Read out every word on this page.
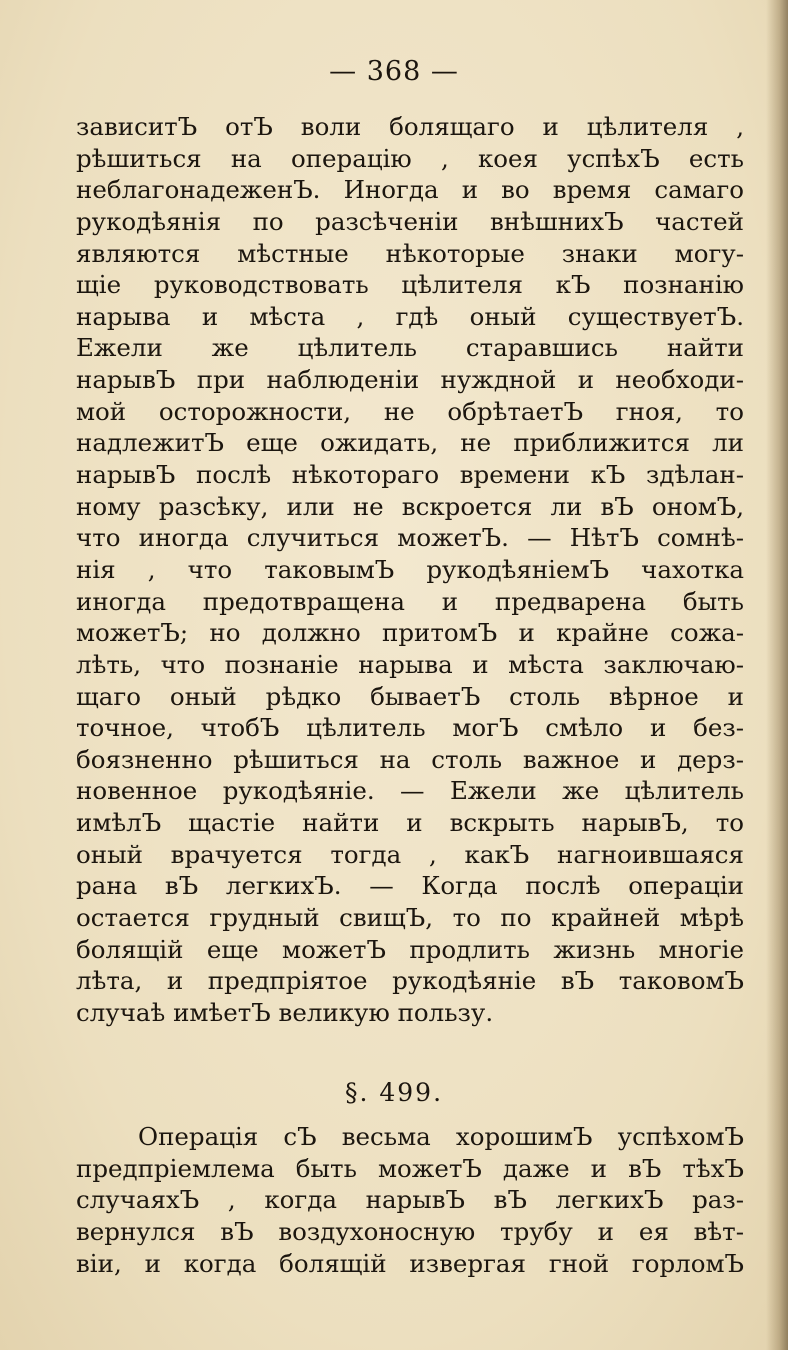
— 368 —
зависитЪ отЪ воли болящаго и цѣлителя ,
рѣшиться на операцію , коея успѣхЪ есть
неблагонадеженЪ. Иногда и во время самаго
рукодѣянія по разсѣченіи внѣшнихЪ частей
являются мѣстные нѣкоторые знаки могу-
щіе руководствовать цѣлителя кЪ познанію
нарыва и мѣста , гдѣ оный существуетЪ.
Ежели же цѣлитель старавшись найти
нарывЪ при наблюденіи нуждной и необходи-
мой осторожности, не обрѣтаетЪ гноя, то
надлежитЪ еще ожидать, не приближится ли
нарывЪ послѣ нѣкотораго времени кЪ здѣлан-
ному разсѣку, или не вскроется ли вЪ ономЪ,
что иногда случиться можетЪ. — НѣтЪ сомнѣ-
нія , что таковымЪ рукодѣяніемЪ чахотка
иногда предотвращена и предварена быть
можетЪ; но должно притомЪ и крайне сожа-
лѣть, что познаніе нарыва и мѣста заключаю-
щаго оный рѣдко бываетЪ столь вѣрное и
точное, чтобЪ цѣлитель могЪ смѣло и без-
боязненно рѣшиться на столь важное и дерз-
новенное рукодѣяніе. — Ежели же цѣлитель
имѣлЪ щастіе найти и вскрыть нарывЪ, то
оный врачуется тогда , какЪ нагноившаяся
рана вЪ легкихЪ. — Когда послѣ операціи
остается грудный свищЪ, то по крайней мѣрѣ
болящій еще можетЪ продлить жизнь многіе
лѣта, и предпріятое рукодѣяніе вЪ таковомЪ
случаѣ имѣетЪ великую пользу.
§. 499.
Операція сЪ весьма хорошимЪ успѣхомЪ
предпріемлема быть можетЪ даже и вЪ тѣхЪ
случаяхЪ , когда нарывЪ вЪ легкихЪ раз-
вернулся вЪ воздухоносную трубу и ея вѣт-
віи, и когда болящій извергая гной горломЪ
